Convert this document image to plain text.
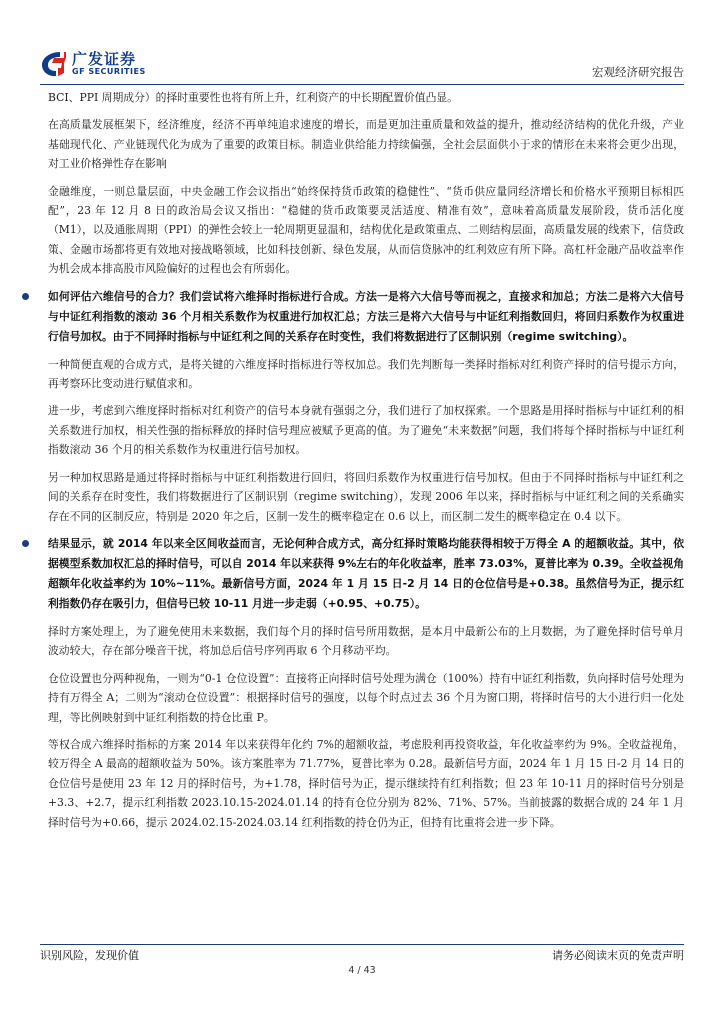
广发证券
GF SECURITIES	宏观经济研究报告
BCI、PPI 周期成分）的择时重要性也将有所上升，红利资产的中长期配置价值凸显。
在高质量发展框架下，经济维度，经济不再单纯追求速度的增长，而是更加注重质量和效益的提升，推动经济结构的优化升级，产业基础现代化、产业链现代化为成为了重要的政策目标。制造业供给能力持续偏强，全社会层面供小于求的情形在未来将会更少出现，对工业价格弹性存在影响
金融维度，一则总量层面，中央金融工作会议指出“始终保持货币政策的稳健性”、“货币供应量同经济增长和价格水平预期目标相匹配”，23 年 12 月 8 日的政治局会议又指出：“稳健的货币政策要灵活适度、精准有效”，意味着高质量发展阶段，货币活化度（M1），以及通胀周期（PPI）的弹性会较上一轮周期更显温和，结构优化是政策重点、二则结构层面，高质量发展的线索下，信贷政策、金融市场都将更有效地对接战略领域，比如科技创新、绿色发展，从而信贷脉冲的红利效应有所下降。高杠杆金融产品收益率作为机会成本排高股市风险偏好的过程也会有所弱化。
如何评估六维信号的合力？我们尝试将六维择时指标进行合成。方法一是将六大信号等而视之，直接求和加总；方法二是将六大信号与中证红利指数的滚动 36 个月相关系数作为权重进行加权汇总；方法三是将六大信号与中证红利指数回归，将回归系数作为权重进行信号加权。由于不同择时指标与中证红利之间的关系存在时变性，我们将数据进行了区制识别（regime switching）。
一种简便直观的合成方式，是将关键的六维度择时指标进行等权加总。我们先判断每一类择时指标对红利资产择时的信号提示方向，再考察环比变动进行赋值求和。
进一步，考虑到六维度择时指标对红利资产的信号本身就有强弱之分，我们进行了加权探索。一个思路是用择时指标与中证红利的相关系数进行加权，相关性强的指标释放的择时信号理应被赋予更高的值。为了避免“未来数据”问题，我们将每个择时指标与中证红利指数滚动 36 个月的相关系数作为权重进行信号加权。
另一种加权思路是通过将择时指标与中证红利指数进行回归，将回归系数作为权重进行信号加权。但由于不同择时指标与中证红利之间的关系存在时变性，我们将数据进行了区制识别（regime switching），发现 2006 年以来，择时指标与中证红利之间的关系确实存在不同的区制反应，特别是 2020 年之后，区制一发生的概率稳定在 0.6 以上，而区制二发生的概率稳定在 0.4 以下。
结果显示，就 2014 年以来全区间收益而言，无论何种合成方式，高分红择时策略均能获得相较于万得全 A 的超额收益。其中，依据模型系数加权汇总的择时信号，可以自 2014 年以来获得 9%左右的年化收益率，胜率 73.03%，夏普比率为 0.39。全收益视角超额年化收益率约为 10%~11%。最新信号方面，2024 年 1 月 15 日-2 月 14 日的仓位信号是+0.38。虽然信号为正，提示红利指数仍存在吸引力，但信号已较 10-11 月进一步走弱（+0.95、+0.75）。
择时方案处理上，为了避免使用未来数据，我们每个月的择时信号所用数据，是本月中最新公布的上月数据，为了避免择时信号单月波动较大，存在部分噪音干扰，将加总后信号序列再取 6 个月移动平均。
仓位设置也分两种视角，一则为“0-1 仓位设置”：直接将正向择时信号处理为满仓（100%）持有中证红利指数，负向择时信号处理为持有万得全 A；二则为“滚动仓位设置”：根据择时信号的强度，以每个时点过去 36 个月为窗口期，将择时信号的大小进行归一化处理，等比例映射到中证红利指数的持仓比重 P。
等权合成六维择时指标的方案 2014 年以来获得年化约 7%的超额收益，考虑股利再投资收益，年化收益率约为 9%。全收益视角，较万得全 A 最高的超额收益为 50%。该方案胜率为 71.77%，夏普比率为 0.28。最新信号方面，2024 年 1 月 15 日-2 月 14 日的仓位信号是使用 23 年 12 月的择时信号，为+1.78，择时信号为正，提示继续持有红利指数；但 23 年 10-11 月的择时信号分别是+3.3、+2.7，提示红利指数 2023.10.15-2024.01.14 的持有仓位分别为 82%、71%、57%。当前披露的数据合成的 24 年 1 月择时信号为+0.66，提示 2024.02.15-2024.03.14 红利指数的持仓仍为正，但持有比重将会进一步下降。
识别风险，发现价值	请务必阅读末页的免责声明
4 / 43
